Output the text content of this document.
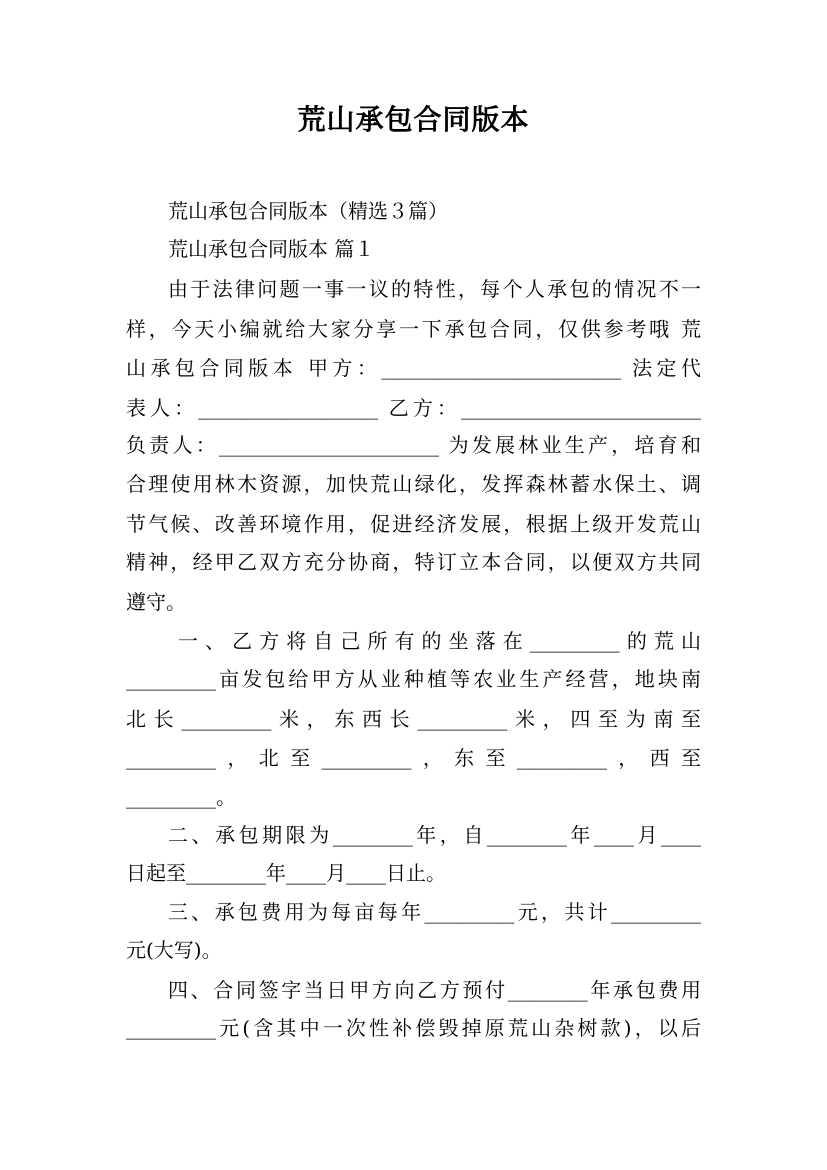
荒山承包合同版本
荒山承包合同版本（精选３篇）
荒山承包合同版本 篇１
由于法律问题一事一议的特性，每个人承包的情况不一
样，今天小编就给大家分享一下承包合同，仅供参考哦 荒
山承包合同版本 甲方：________________________ 法定代
表人：__________________ 乙方：________________________
负责人：______________________ 为发展林业生产，培育和
合理使用林木资源，加快荒山绿化，发挥森林蓄水保土、调
节气候、改善环境作用，促进经济发展，根据上级开发荒山
精神，经甲乙双方充分协商，特订立本合同，以便双方共同
遵守。
一、乙方将自己所有的坐落在_________的荒山
_________亩发包给甲方从业种植等农业生产经营，地块南
北长_________米，东西长_________米，四至为南至
_________，北至_________，东至_________，西至
_________。
二、承包期限为________年，自________年____月____
日起至________年____月____日止。
三、承包费用为每亩每年_________元，共计_________
元(大写)。
四、合同签字当日甲方向乙方预付________年承包费用
_________元(含其中一次性补偿毁掉原荒山杂树款)，以后
